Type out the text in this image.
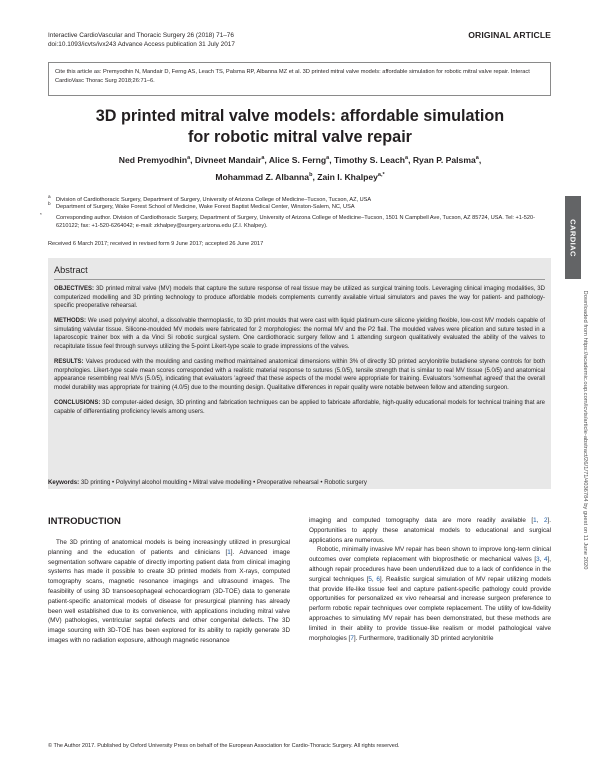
Interactive CardioVascular and Thoracic Surgery 26 (2018) 71–76
doi:10.1093/icvts/ivx243 Advance Access publication 31 July 2017
ORIGINAL ARTICLE
Cite this article as: Premyodhin N, Mandair D, Ferng AS, Leach TS, Palsma RP, Albanna MZ et al. 3D printed mitral valve models: affordable simulation for robotic mitral valve repair. Interact CardioVasc Thorac Surg 2018;26:71–6.
3D printed mitral valve models: affordable simulation
for robotic mitral valve repair
Ned Premyodhin$^a$, Divneet Mandair$^a$, Alice S. Ferng$^a$, Timothy S. Leach$^a$, Ryan P. Palsma$^a$,
Mohammad Z. Albanna$^b$, Zain I. Khalpey$^{a,*}$
$^a$Division of Cardiothoracic Surgery, Department of Surgery, University of Arizona College of Medicine–Tucson, Tucson, AZ, USA
$^b$Department of Surgery, Wake Forest School of Medicine, Wake Forest Baptist Medical Center, Winston-Salem, NC, USA
*Corresponding author. Division of Cardiothoracic Surgery, Department of Surgery, University of Arizona College of Medicine–Tucson, 1501 N Campbell Ave, Tucson, AZ 85724, USA. Tel: +1-520-6210122; fax: +1-520-6264042; e-mail: zkhalpey@surgery.arizona.edu (Z.I. Khalpey).
Received 6 March 2017; received in revised form 9 June 2017; accepted 26 June 2017
Abstract

OBJECTIVES: 3D printed mitral valve (MV) models that capture the suture response of real tissue may be utilized as surgical training tools. Leveraging clinical imaging modalities, 3D computerized modelling and 3D printing technology to produce affordable models complements currently available virtual simulators and paves the way for patient- and pathology-specific preoperative rehearsal.

METHODS: We used polyvinyl alcohol, a dissolvable thermoplastic, to 3D print moulds that were cast with liquid platinum-cure silicone yielding flexible, low-cost MV models capable of simulating valvular tissue. Silicone-moulded MV models were fabricated for 2 morphologies: the normal MV and the P2 flail. The moulded valves were plication and suture tested in a laparoscopic trainer box with a da Vinci Si robotic surgical system. One cardiothoracic surgery fellow and 1 attending surgeon qualitatively evaluated the ability of the valves to recapitulate tissue feel through surveys utilizing the 5-point Likert-type scale to grade impressions of the valves.

RESULTS: Valves produced with the moulding and casting method maintained anatomical dimensions within 3% of directly 3D printed acrylonitrile butadiene styrene controls for both morphologies. Likert-type scale mean scores corresponded with a realistic material response to sutures (5.0/5), tensile strength that is similar to real MV tissue (5.0/5) and anatomical appearance resembling real MVs (5.0/5), indicating that evaluators 'agreed' that these aspects of the model were appropriate for training. Evaluators 'somewhat agreed' that the overall model durability was appropriate for training (4.0/5) due to the mounting design. Qualitative differences in repair quality were notable between fellow and attending surgeon.

CONCLUSIONS: 3D computer-aided design, 3D printing and fabrication techniques can be applied to fabricate affordable, high-quality educational models for technical training that are capable of differentiating proficiency levels among users.

Keywords: 3D printing • Polyvinyl alcohol moulding • Mitral valve modelling • Preoperative rehearsal • Robotic surgery
INTRODUCTION

The 3D printing of anatomical models is being increasingly utilized in presurgical planning and the education of patients and clinicians [1]. Advanced image segmentation software capable of directly importing patient data from clinical imaging systems has made it possible to create 3D printed models from X-rays, computed tomography scans, magnetic resonance imagings and ultrasound images. The feasibility of using 3D transoesophageal echocardiogram (3D-TOE) data to generate patient-specific anatomical models of disease for presurgical planning has already been well established due to its convenience, with applications including mitral valve (MV) pathologies, ventricular septal defects and other congenital defects. The 3D image sourcing with 3D-TOE has been explored for its ability to rapidly generate 3D images with no radiation exposure, although magnetic resonance

imaging and computed tomography data are more readily available [1, 2]. Opportunities to apply these anatomical models to educational and surgical applications are numerous.

Robotic, minimally invasive MV repair has been shown to improve long-term clinical outcomes over complete replacement with bioprosthetic or mechanical valves [3, 4], although repair procedures have been underutilized due to a lack of confidence in the surgical techniques [5, 6]. Realistic surgical simulation of MV repair utilizing models that provide life-like tissue feel and capture patient-specific pathology could provide opportunities for personalized ex vivo rehearsal and increase surgeon preference to perform robotic repair techniques over complete replacement. The utility of low-fidelity approaches to simulating MV repair has been demonstrated, but these methods are limited in their ability to provide tissue-like realism or model pathological valve morphologies [7]. Furthermore, traditionally 3D printed acrylonitrile

© The Author 2017. Published by Oxford University Press on behalf of the European Association for Cardio-Thoracic Surgery. All rights reserved.
CARDIAC
Downloaded from https://academic.oup.com/icvts/article-abstract/26/1/71/4036784 by guest on 11 June 2020
